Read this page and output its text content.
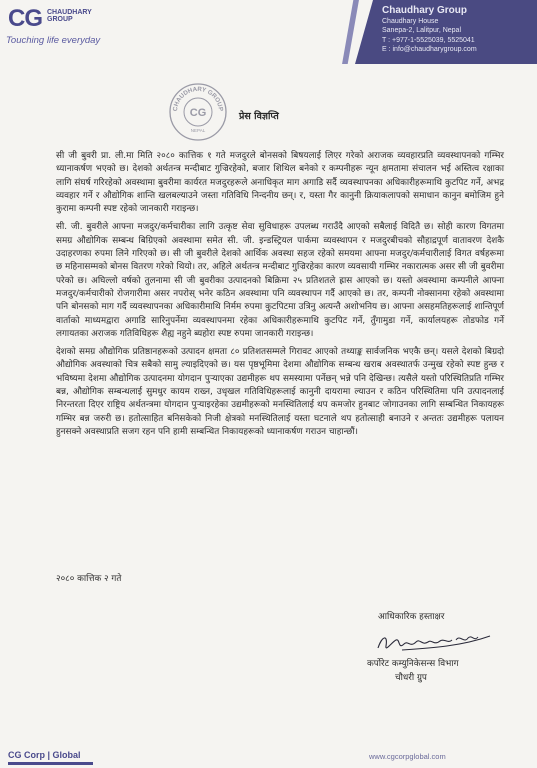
CG CHAUDHARY
GROUP
Touching life everyday
Chaudhary Group
Chaudhary House
Sanepa-2, Lalitpur, Nepal
T : +977-1-5525039, 5525041
E : info@chaudharygroup.com
CHAUDHARY GROUP
CG
NEPAL
प्रेस विज्ञप्ति

सी जी बुवरी प्रा. ली.मा मिति २०८० कात्तिक १ गते मजदुरले बोनसको बिषयलाई लिएर गरेको अराजक व्यवहारप्रति व्यवस्थापनको गम्भिर ध्यानाकर्षण भएको छ। देशको अर्थतन्त्र मन्दीबाट गुज्रिरहेको, बजार शिथिल बनेको र कम्पनीहरू न्यून क्षमतामा संचालन भई अस्तित्व रक्षाका लागि संघर्ष गरिरहेको अवस्थामा बुवरीमा कार्यरत मजदुरहरूले अनाधिकृत माग अगाडि सर्दै व्यवस्थापनका अधिकारीहरूमाथि कुटपिट गर्ने, अभद्र व्यवहार गर्ने र औद्योगिक शान्ति खलबल्याउने जस्ता गतिविधि निन्दनीय छन्। र, यस्ता गैर कानुनी क्रियाकलापको समाधान कानुन बमोजिम हुने कुरामा कम्पनी स्पष्ट रहेको जानकारी गराइन्छ।

सी. जी. बुवरीले आफ्ना मजदुर/कर्मचारीका लागि उत्कृष्ट सेवा सुविधाहरू उपलब्ध गराउँदै आएको सबैलाई विदितै छ। सोही कारण विगतमा समग्र औद्योगिक सम्बन्ध बिग्रिएको अवस्थामा समेत सी. जी. इन्डस्ट्रियल पार्कमा व्यवस्थापन र मजदुरबीचको सौहाद्रपूर्ण वातावरण देशकै उदाहरणका रुपमा लिने गरिएको छ। सी जी बुवरीले देशको आर्थिक अवस्था सहज रहेको समयमा आफ्ना मजदुर/कर्मचारीलाई विगत वर्षहरूमा छ महिनासम्मको बोनस वितरण गरेको थियो। तर, अहिले अर्थतन्त्र मन्दीबाट गुज्रिरहेका कारण व्यवसायी गम्भिर नकारात्मक असर सी जी बुवरीमा परेको छ। अघिल्लो वर्षको तुलनामा सी जी बुवरीका उत्पादनको बिक्रिमा २५ प्रतिशतले ह्रास आएको छ। यस्तो अवस्थामा कम्पनीले आफ्ना मजदुर/कर्मचारीको रोजगारीमा असर नपरोस् भनेर कठिन अवस्थामा पनि व्यवस्थापन गर्दै आएको छ। तर, कम्पनी नोक्सानमा रहेको अवस्थामा पनि बोनसको माग गर्दै व्यवस्थापनका अधिकारीमाथि निर्मम रुपमा कुटपिटमा उत्रिनु अत्यन्तै अशोभनिय छ। आफ्ना असहमतिहरूलाई शान्तिपूर्ण वार्ताको माध्यमद्वारा अगाडि सारिनुपर्नेमा व्यवस्थापनमा रहेका अधिकारीहरूमाथि कुटपिट गर्ने, तुँगामुडा गर्ने, कार्यालयहरू तोडफोड गर्ने लगायतका अराजक गतिविधिहरू शैह्य नहुने ब्यहोरा स्पष्ट रुपमा जानकारी गराइन्छ।

देशको समग्र औद्योगिक प्रतिष्ठानहरूको उत्पादन क्षमता ८० प्रतिशतसम्मले गिरावट आएको तथ्याङ्क सार्वजनिक भएकै छन्। यसले देशको बिग्रदो औद्योगिक अवस्थाको चित्र सबैको सामु ल्याइदिएको छ। यस पृष्ठभूमिमा देशमा औद्योगिक सम्बन्ध खराब अवस्थातर्फ उन्मुख रहेको स्पष्ट हुन्छ र भविष्यमा देशमा औद्योगिक उत्पादनमा योगदान पुऱ्याएका उद्यमीहरू थप समस्यामा पर्नेछन् भन्ने पनि देखिन्छ। त्यसैले यस्तो परिस्थितिप्रति गम्भिर बन्न, औद्योगिक सम्बन्धलाई सुमधुर कायम राख्न, उधृखल गतिविधिहरूलाई कानुनी दायरामा ल्याउन र कठिन परिस्थितिमा पनि उत्पादनलाई निरन्तरता दिएर राष्ट्रिय अर्थतन्त्रमा योगदान पुऱ्याइरहेका उद्यमीहरूको मनस्थितिलाई थप कमजोर हुनबाट जोगाउनका लागि सम्बन्धित निकायहरू गम्भिर बन्न जरुरी छ। हतोत्साहित बनिसकेको निजी क्षेत्रको मनस्थितिलाई यस्ता घटनाले थप हतोत्साही बनाउने र अन्ततः उद्यमीहरू पलायन हुनसक्ने अवस्थाप्रति सजग रहन पनि हामी सम्बन्धित निकायहरूको ध्यानाकर्षण गराउन चाहान्छौं।

२०८० कात्तिक २ गते
आधिकारिक हस्ताक्षर
कर्पोरेट कम्युनिकेसन्स विभाग
चौधरी ग्रुप
CG Corp | Global	www.cgcorpglobal.com
